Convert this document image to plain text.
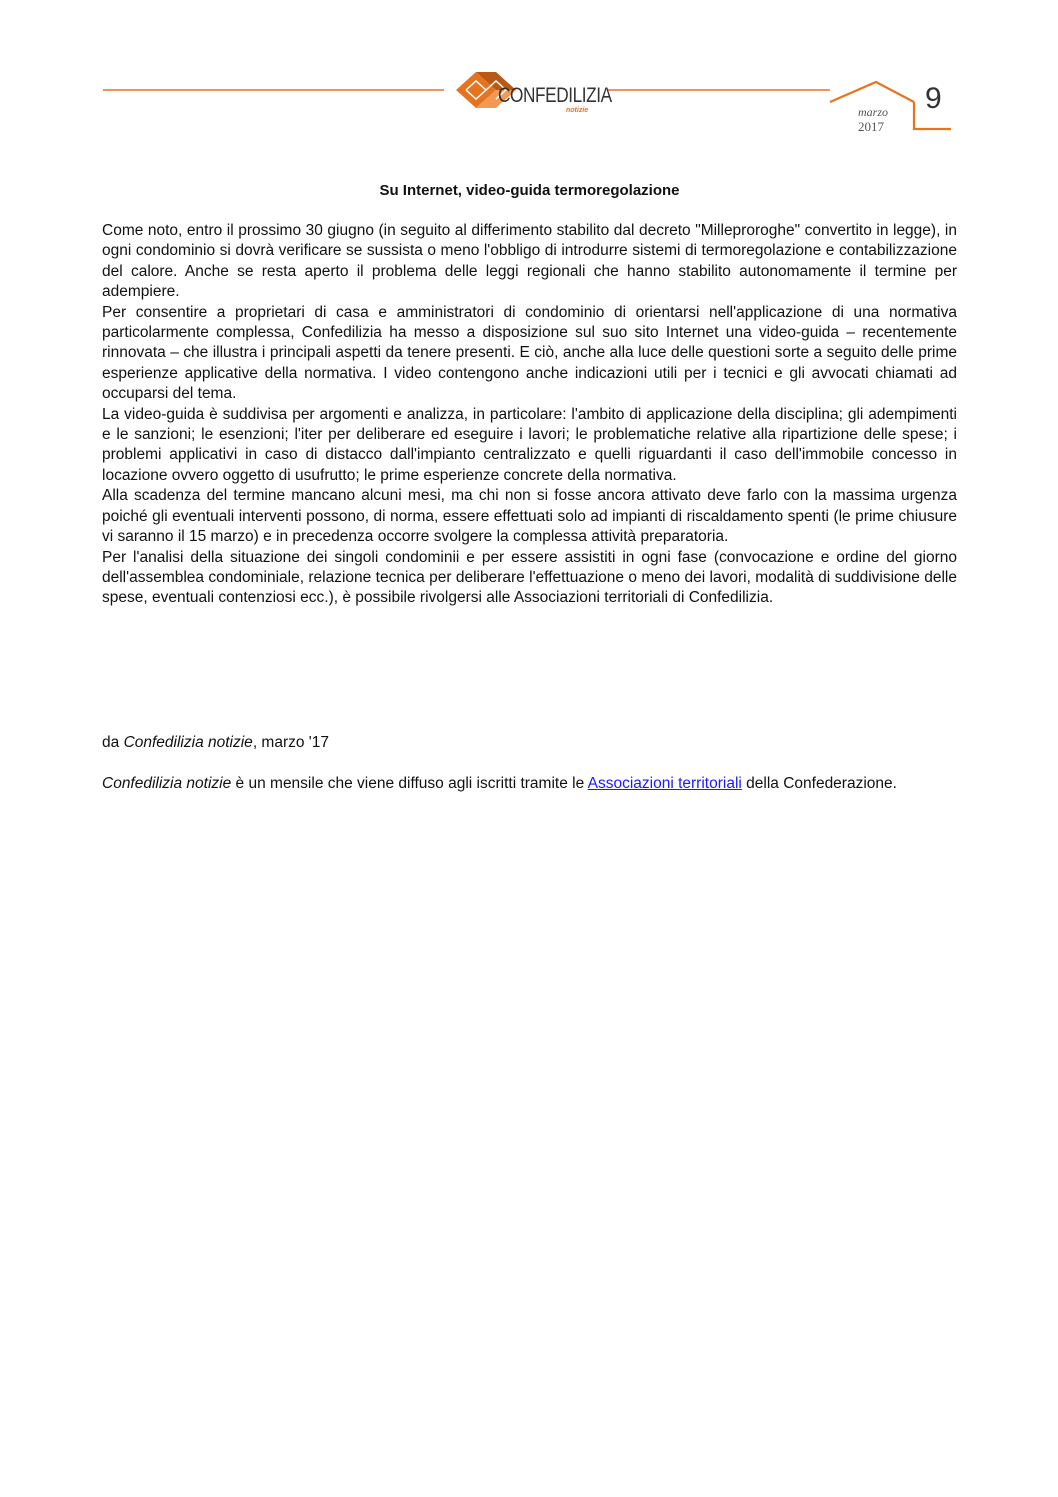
CONFEDILIZIA
notizie	marzo
2017
9
Su Internet, video-guida termoregolazione

Come noto, entro il prossimo 30 giugno (in seguito al differimento stabilito dal decreto "Milleproroghe" convertito in legge), in ogni condominio si dovrà verificare se sussista o meno l'obbligo di introdurre sistemi di termoregolazione e contabilizzazione del calore. Anche se resta aperto il problema delle leggi regionali che hanno stabilito autonomamente il termine per adempiere.

Per consentire a proprietari di casa e amministratori di condominio di orientarsi nell'applicazione di una normativa particolarmente complessa, Confedilizia ha messo a disposizione sul suo sito Internet una video-guida – recentemente rinnovata – che illustra i principali aspetti da tenere presenti. E ciò, anche alla luce delle questioni sorte a seguito delle prime esperienze applicative della normativa. I video contengono anche indicazioni utili per i tecnici e gli avvocati chiamati ad occuparsi del tema.

La video-guida è suddivisa per argomenti e analizza, in particolare: l'ambito di applicazione della disciplina; gli adempimenti e le sanzioni; le esenzioni; l'iter per deliberare ed eseguire i lavori; le problematiche relative alla ripartizione delle spese; i problemi applicativi in caso di distacco dall'impianto centralizzato e quelli riguardanti il caso dell'immobile concesso in locazione ovvero oggetto di usufrutto; le prime esperienze concrete della normativa.

Alla scadenza del termine mancano alcuni mesi, ma chi non si fosse ancora attivato deve farlo con la massima urgenza poiché gli eventuali interventi possono, di norma, essere effettuati solo ad impianti di riscaldamento spenti (le prime chiusure vi saranno il 15 marzo) e in precedenza occorre svolgere la complessa attività preparatoria.

Per l'analisi della situazione dei singoli condominii e per essere assistiti in ogni fase (convocazione e ordine del giorno dell'assemblea condominiale, relazione tecnica per deliberare l'effettuazione o meno dei lavori, modalità di suddivisione delle spese, eventuali contenziosi ecc.), è possibile rivolgersi alle Associazioni territoriali di Confedilizia.

da Confedilizia notizie, marzo '17

Confedilizia notizie è un mensile che viene diffuso agli iscritti tramite le Associazioni territoriali della Confederazione.
